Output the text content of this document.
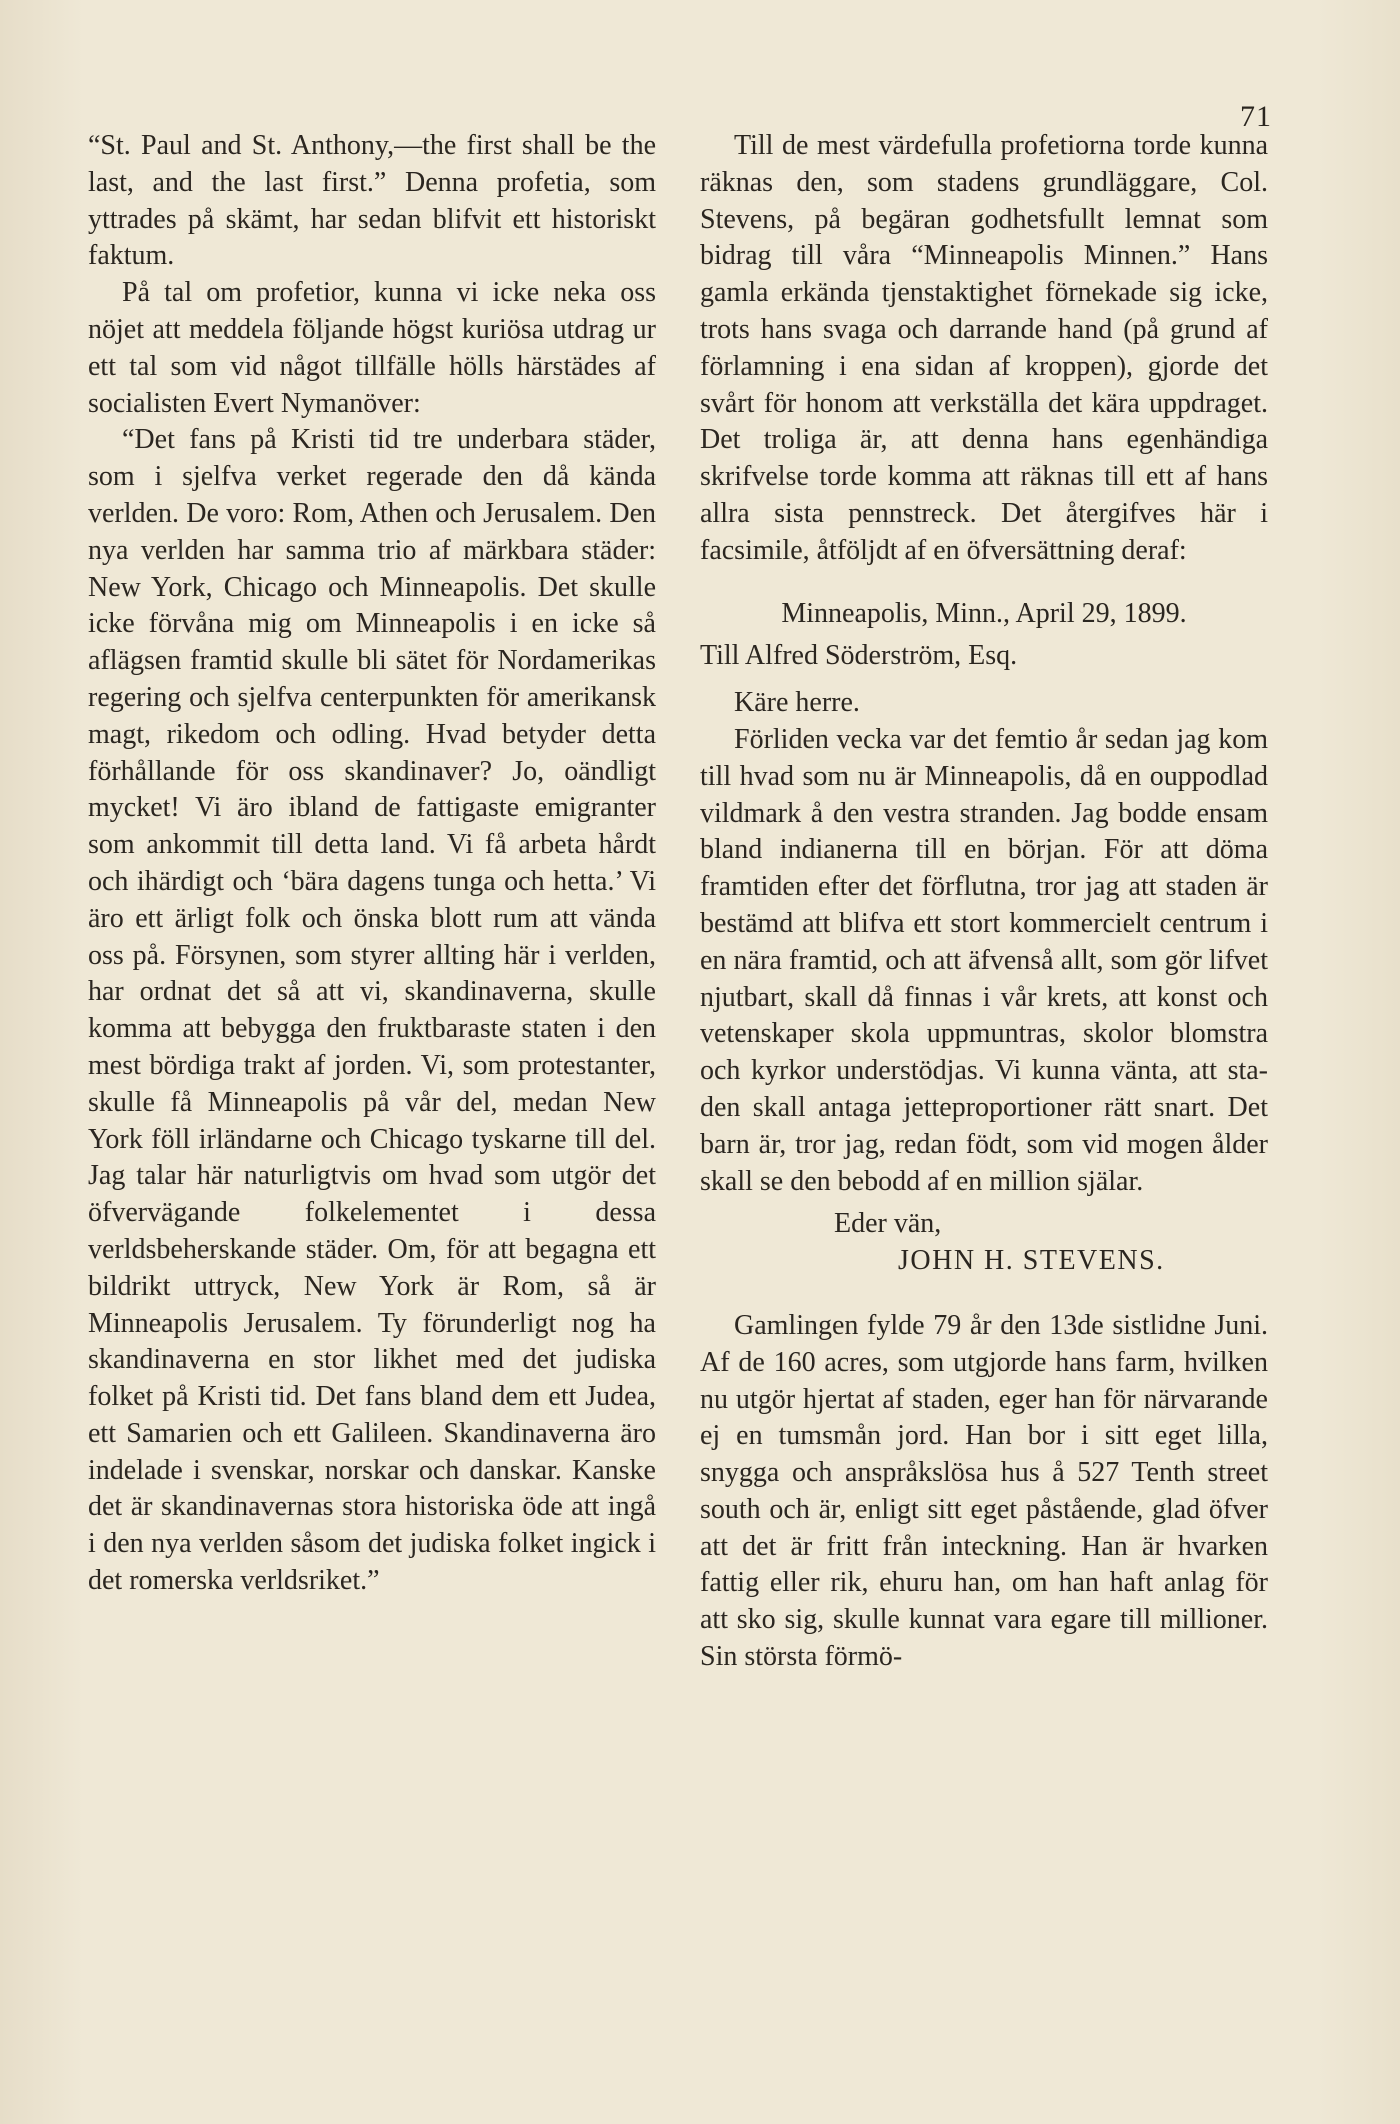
71

“St. Paul and St. Anthony,—the first shall be the last, and the last first.” Denna profetia, som yttrades på skämt, har sedan blifvit ett historiskt faktum.

På tal om profetior, kunna vi icke neka oss nöjet att meddela följande högst kuriösa utdrag ur ett tal som vid något tillfälle hölls härstädes af socialisten Evert Nymanöver:

“Det fans på Kristi tid tre underbara städer, som i sjelfva verket regerade den då kända verlden. De voro: Rom, Athen och Jerusalem. Den nya verlden har samma trio af märkbara städer: New York, Chicago och Minneapolis. Det skulle icke förvåna mig om Minneapolis i en icke så aflägsen framtid skulle bli sätet för Nordamerikas regering och sjelfva centerpunkten för amerikansk magt, rikedom och odling. Hvad betyder detta förhållande för oss skandinaver? Jo, oändligt mycket! Vi äro ibland de fattigaste emigranter som ankommit till detta land. Vi få arbeta hårdt och ihärdigt och ‘bära dagens tunga och hetta.’ Vi äro ett ärligt folk och önska blott rum att vända oss på. Försynen, som styrer allting här i verlden, har ordnat det så att vi, skandinaverna, skulle komma att bebygga den fruktbaraste staten i den mest bördiga trakt af jorden. Vi, som protestanter, skulle få Minneapolis på vår del, medan New York föll irländarne och Chicago tyskarne till del. Jag talar här naturligtvis om hvad som utgör det öfvervägande folkelementet i dessa verldsbeherskande städer. Om, för att begagna ett bildrikt uttryck, New York är Rom, så är Minneapolis Jerusalem. Ty förunderligt nog ha skandinaverna en stor likhet med det judiska folket på Kristi tid. Det fans bland dem ett Judea, ett Samarien och ett Galileen. Skandinaverna äro indelade i svenskar, norskar och danskar. Kanske det är skandinavernas stora historiska öde att ingå i den nya verlden såsom det judiska folket ingick i det romerska verldsriket.”

Till de mest värdefulla profetiorna torde kunna räknas den, som stadens grundläggare, Col. Stevens, på begäran godhetsfullt lemnat som bidrag till våra “Minneapolis Minnen.” Hans gamla erkända tjenstaktighet förnekade sig icke, trots hans svaga och darrande hand (på grund af förlamning i ena sidan af kroppen), gjorde det svårt för honom att verkställa det kära uppdraget. Det troliga är, att denna hans egenhändiga skrifvelse torde komma att räknas till ett af hans allra sista pennstreck. Det återgifves här i facsimile, åtföljdt af en öfversättning deraf:

Minneapolis, Minn., April 29, 1899.

Till Alfred Söderström, Esq.

Käre herre.

Förliden vecka var det femtio år sedan jag kom till hvad som nu är Minneapolis, då en ouppodlad vildmark å den vestra stranden. Jag bodde ensam bland indianerna till en början. För att döma framtiden efter det förflutna, tror jag att staden är bestämd att blifva ett stort kommercielt centrum i en nära framtid, och att äfvenså allt, som gör lifvet njutbart, skall då finnas i vår krets, att konst och vetenskaper skola uppmuntras, skolor blomstra och kyrkor understödjas. Vi kunna vänta, att staden skall antaga jetteproportioner rätt snart. Det barn är, tror jag, redan födt, som vid mogen ålder skall se den bebodd af en million själar.

Eder vän,

JOHN H. STEVENS.

Gamlingen fylde 79 år den 13de sistlidne Juni. Af de 160 acres, som utgjorde hans farm, hvilken nu utgör hjertat af staden, eger han för närvarande ej en tumsmån jord. Han bor i sitt eget lilla, snygga och anspråkslösa hus å 527 Tenth street south och är, enligt sitt eget påstående, glad öfver att det är fritt från inteckning. Han är hvarken fattig eller rik, ehuru han, om han haft anlag för att sko sig, skulle kunnat vara egare till millioner. Sin största förmö-
